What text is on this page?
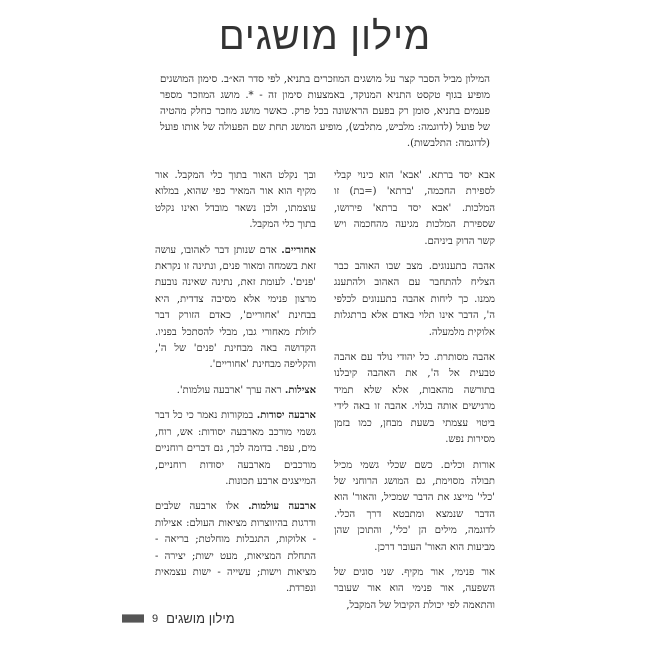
מילון מושגים

המילון מביל הסבר קצר על מושגים המוזכרים בתניא, לפי סדר הא״ב. סימון המושגים מופיע בגוף טקסט התניא המנוקד, באמצעות סימון זה - *. מושג המוזכר מספר פעמים בתניא, סומן רק בפעם הראשונה בכל פרק. כאשר מושג מוזכר כחלק מהטיה של פועל (לדוגמה: מלביש, מתלבש), מופיע המושג תחת שם הפעולה של אותו פועל (לדוגמה: התלבשות).

אבא יסד ברתא. 'אבא' הוא כינוי קבלי לספירת החכמה, 'ברתא' (=בת) זו המלכות. 'אבא יסד ברתא' פירושו, שספירת המלכות מגיעה מהחכמה ויש קשר הדוק ביניהם.

אהבה בתענוגים. מצב שבו האוהב כבר הצליח להתחבר עם האהוב ולהתענג ממנו. כך ליחות אהבה בתענוגים לכלפי ה', הדבר אינו תלוי באדם אלא ברתגלות אלוקית מלמעלה.

אהבה מסותרת. כל יהודי נולד עם אהבה טבעית אל ה', את האהבה קיבלנו בתורשה מהאבות, אלא שלא תמיד מרגישים אותה בגלוי. אהבה זו באה לידי ביטוי עצמתי בשעת מבחן, כמו בזמן מסירות נפש.

אורות וכלים. כשם שכלי גשמי מכיל תבולה מסוימת, גם המושג הרוחני של 'כלי' מייצג את הדבר שמכיל, והאור' הוא הדבר שנמצא ומתבטא דרך הכלי. לדוגמה, מילים הן 'כלי', והתוכן שהן מביעות הוא האור' העובר דרכן.

אור פנימי, אור מקיף. שני סוגים של השפעה, אור פנימי הוא אור שעובר והתאמה לפי יכולת הקיבול של המקבל,

ובך נקלט האור בתוך כלי המקבל. אור מקיף הוא אור המאיר כפי שהוא, במלוא עוצמתו, ולכן נשאר מובדל ואינו נקלט בתוך כלי המקבל.

אחוריים. אדם שנותן דבר לאהובו, עושה זאת בשמחה ומאור פנים, ונתינה זו נקראת 'פנים'. לעומת זאת, נתינה שאינה נובעת מרצון פנימי אלא מסיבה צדדית, היא בבחינת 'אחוריים', כאדם הזורק דבר לזולת מאחורי גבו, מבלי להסתכל בפניו. הקדושה באה מבחינת 'פנים' של ה', והקליפה מבחינת 'אחוריים'.

אצילות. ראה ערך 'ארבעה עולמות'.

ארבעה יסודות. במקורות נאמר כי כל דבר גשמי מורכב מארבעה יסודות: אש, רוח, מים, עפר. בדומה לכך, גם דברים רוחניים מורכבים מארבעה יסודות רוחניים, המייצגים ארבע תכונות.

ארבעה עולמות. אלו ארבעה שלבים ודרגות בהיווצרות מציאות העולם: אצילות - אלוקות, התגבלות מוחלטת; בריאה - התחלת המציאות, מעט ישות; יצירה - מציאות וישות; עשייה - ישות עצמאית ונפרדת.

9 מילון מושגים
